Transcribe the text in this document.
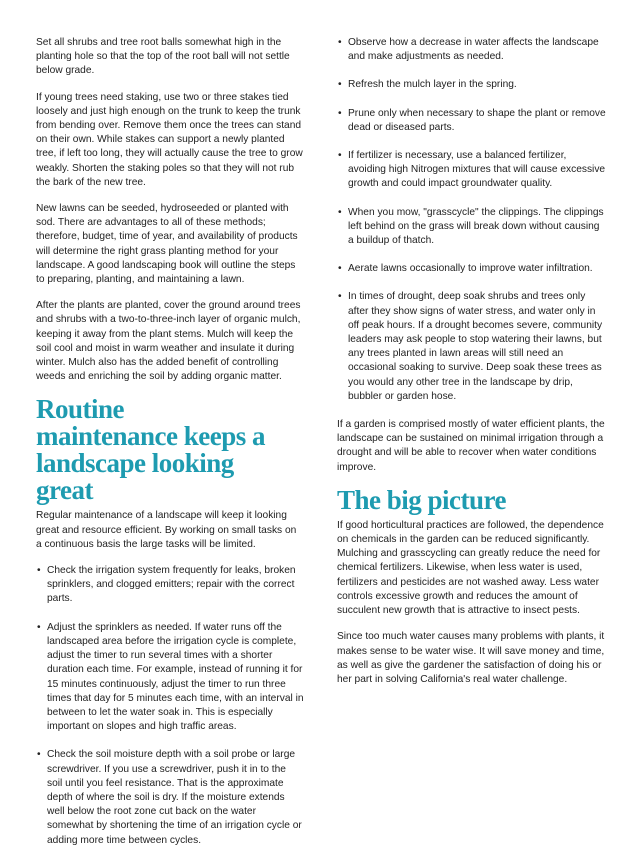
Set all shrubs and tree root balls somewhat high in the planting hole so that the top of the root ball will not settle below grade.

If young trees need staking, use two or three stakes tied loosely and just high enough on the trunk to keep the trunk from bending over. Remove them once the trees can stand on their own. While stakes can support a newly planted tree, if left too long, they will actually cause the tree to grow weakly. Shorten the staking poles so that they will not rub the bark of the new tree.

New lawns can be seeded, hydroseeded or planted with sod. There are advantages to all of these methods; therefore, budget, time of year, and availability of products will determine the right grass planting method for your landscape. A good landscaping book will outline the steps to preparing, planting, and maintaining a lawn.

After the plants are planted, cover the ground around trees and shrubs with a two-to-three-inch layer of organic mulch, keeping it away from the plant stems. Mulch will keep the soil cool and moist in warm weather and insulate it during winter. Mulch also has the added benefit of controlling weeds and enriching the soil by adding organic matter.

Routine maintenance keeps a landscape looking great

Regular maintenance of a landscape will keep it looking great and resource efficient. By working on small tasks on a continuous basis the large tasks will be limited.

• Check the irrigation system frequently for leaks, broken sprinklers, and clogged emitters; repair with the correct parts.
• Adjust the sprinklers as needed. If water runs off the landscaped area before the irrigation cycle is complete, adjust the timer to run several times with a shorter duration each time. For example, instead of running it for 15 minutes continuously, adjust the timer to run three times that day for 5 minutes each time, with an interval in between to let the water soak in. This is especially important on slopes and high traffic areas.
• Check the soil moisture depth with a soil probe or large screwdriver. If you use a screwdriver, push it in to the soil until you feel resistance. That is the approximate depth of where the soil is dry. If the moisture extends well below the root zone cut back on the water somewhat by shortening the time of an irrigation cycle or adding more time between cycles.
• Observe how a decrease in water affects the landscape and make adjustments as needed.
• Refresh the mulch layer in the spring.
• Prune only when necessary to shape the plant or remove dead or diseased parts.
• If fertilizer is necessary, use a balanced fertilizer, avoiding high Nitrogen mixtures that will cause excessive growth and could impact groundwater quality.
• When you mow, "grasscycle" the clippings. The clippings left behind on the grass will break down without causing a buildup of thatch.
• Aerate lawns occasionally to improve water infiltration.
• In times of drought, deep soak shrubs and trees only after they show signs of water stress, and water only in off peak hours. If a drought becomes severe, community leaders may ask people to stop watering their lawns, but any trees planted in lawn areas will still need an occasional soaking to survive. Deep soak these trees as you would any other tree in the landscape by drip, bubbler or garden hose.

If a garden is comprised mostly of water efficient plants, the landscape can be sustained on minimal irrigation through a drought and will be able to recover when water conditions improve.

The big picture

If good horticultural practices are followed, the dependence on chemicals in the garden can be reduced significantly. Mulching and grasscycling can greatly reduce the need for chemical fertilizers. Likewise, when less water is used, fertilizers and pesticides are not washed away. Less water controls excessive growth and reduces the amount of succulent new growth that is attractive to insect pests.

Since too much water causes many problems with plants, it makes sense to be water wise. It will save money and time, as well as give the gardener the satisfaction of doing his or her part in solving California's real water challenge.
